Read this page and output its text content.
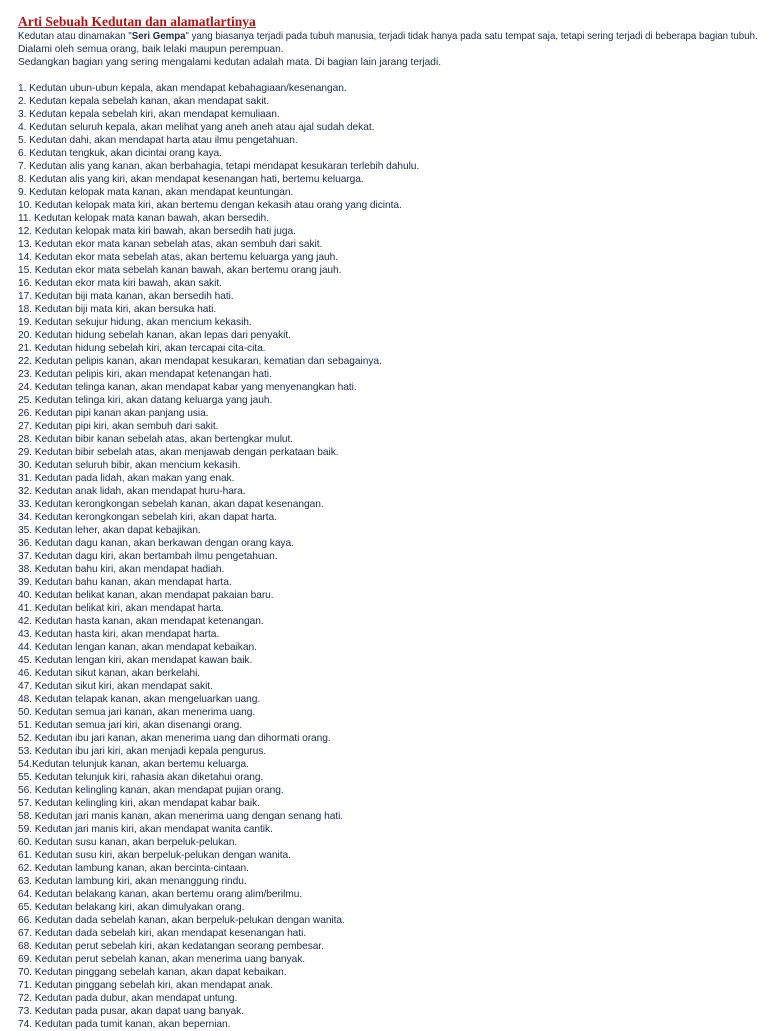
Arti Sebuah Kedutan dan alamatlartinya

Kedutan atau dinamakan "Seri Gempa" yang biasanya terjadi pada tubuh manusia, terjadi tidak hanya pada satu tempat saja, tetapi sering terjadi di beberapa bagian tubuh.

Dialami oleh semua orang, baik lelaki maupun perempuan.

Sedangkan bagian yang sering mengalami kedutan adalah mata. Di bagian lain jarang terjadi.

1. Kedutan ubun-ubun kepala, akan mendapat kebahagiaan/kesenangan.
2. Kedutan kepala sebelah kanan, akan mendapat sakit.
3. Kedutan kepala sebelah kiri, akan mendapat kemuliaan.
4. Kedutan seluruh kepala, akan melihat yang aneh aneh atau ajal sudah dekat.
5. Kedutan dahi, akan mendapat harta atau ilmu pengetahuan.
6. Kedutan tengkuk, akan dicintai orang kaya.
7. Kedutan alis yang kanan, akan berbahagia, tetapi mendapat kesukaran terlebih dahulu.
8. Kedutan alis yang kiri, akan mendapat kesenangan hati, bertemu keluarga.
9. Kedutan kelopak mata kanan, akan mendapat keuntungan.
10. Kedutan kelopak mata kiri, akan bertemu dengan kekasih atau orang yang dicinta.
11. Kedutan kelopak mata kanan bawah, akan bersedih.
12. Kedutan kelopak mata kiri bawah, akan bersedih hati juga.
13. Kedutan ekor mata kanan sebelah atas, akan sembuh dari sakit.
14. Kedutan ekor mata sebelah atas, akan bertemu keluarga yang jauh.
15. Kedutan ekor mata sebelah kanan bawah, akan bertemu orang jauh.
16. Kedutan ekor mata kiri bawah, akan sakit.
17. Kedutan biji mata kanan, akan bersedih hati.
18. Kedutan biji mata kiri, akan bersuka hati.
19. Kedutan sekujur hidung, akan mencium kekasih.
20. Kedutan hidung sebelah kanan, akan lepas dari penyakit.
21. Kedutan hidung sebelah kiri, akan tercapai cita-cita.
22. Kedutan pelipis kanan, akan mendapat kesukaran, kematian dan sebagainya.
23. Kedutan pelipis kiri, akan mendapat ketenangan hati.
24. Kedutan telinga kanan, akan mendapat kabar yang menyenangkan hati.
25. Kedutan telinga kiri, akan datang keluarga yang jauh.
26. Kedutan pipi kanan akan panjang usia.
27. Kedutan pipi kiri, akan sembuh dari sakit.
28. Kedutan bibir kanan sebelah atas, akan bertengkar mulut.
29. Kedutan bibir sebelah atas, akan menjawab dengan perkataan baik.
30. Kedutan seluruh bibir, akan mencium kekasih.
31. Kedutan pada lidah, akan makan yang enak.
32. Kedutan anak lidah, akan mendapat huru-hara.
33. Kedutan kerongkongan sebelah kanan, akan dapat kesenangan.
34. Kedutan kerongkongan sebelah kiri, akan dapat harta.
35. Kedutan leher, akan dapat kebajikan.
36. Kedutan dagu kanan, akan berkawan dengan orang kaya.
37. Kedutan dagu kiri, akan bertambah ilmu pengetahuan.
38. Kedutan bahu kiri, akan mendapat hadiah.
39. Kedutan bahu kanan, akan mendapat harta.
40. Kedutan belikat kanan, akan mendapat pakaian baru.
41. Kedutan belikat kiri, akan mendapat harta.
42. Kedutan hasta kanan, akan mendapat ketenangan.
43. Kedutan hasta kiri, akan mendapat harta.
44. Kedutan lengan kanan, akan mendapat kebaikan.
45. Kedutan lengan kiri, akan mendapat kawan baik.
46. Kedutan sikut kanan, akan berkelahi.
47. Kedutan sikut kiri, akan mendapat sakit.
48. Kedutan telapak kanan, akan mengeluarkan uang.
50. Kedutan semua jari kanan, akan menerima uang.
51. Kedutan semua jari kiri, akan disenangi orang.
52. Kedutan ibu jari kanan, akan menerima uang dan dihormati orang.
53. Kedutan ibu jari kiri, akan menjadi kepala pengurus.
54.Kedutan telunjuk kanan, akan bertemu keluarga.
55. Kedutan telunjuk kiri, rahasia akan diketahui orang.
56. Kedutan kelingling kanan, akan mendapat pujian orang.
57. Kedutan kelingling kiri, akan mendapat kabar baik.
58. Kedutan jari manis kanan, akan menerima uang dengan senang hati.
59. Kedutan jari manis kiri, akan mendapat wanita cantik.
60. Kedutan susu kanan, akan berpeluk-pelukan.
61. Kedutan susu kiri, akan berpeluk-pelukan dengan wanita.
62. Kedutan lambung kanan, akan bercinta-cintaan.
63. Kedutan lambung kiri, akan menanggung rindu.
64. Kedutan belakang kanan, akan bertemu orang alim/berilmu.
65. Kedutan belakang kiri, akan dimulyakan orang.
66. Kedutan dada sebelah kanan, akan berpeluk-pelukan dengan wanita.
67. Kedutan dada sebelah kiri, akan mendapat kesenangan hati.
68. Kedutan perut sebelah kiri, akan kedatangan seorang pembesar.
69. Kedutan perut sebelah kanan, akan menerima uang banyak.
70. Kedutan pinggang sebelah kanan, akan dapat kebaikan.
71. Kedutan pinggang sebelah kiri, akan mendapat anak.
72. Kedutan pada dubur, akan mendapat untung.
73. Kedutan pada pusar, akan dapat uang banyak.
74. Kedutan pada tumit kanan, akan bepernian.
